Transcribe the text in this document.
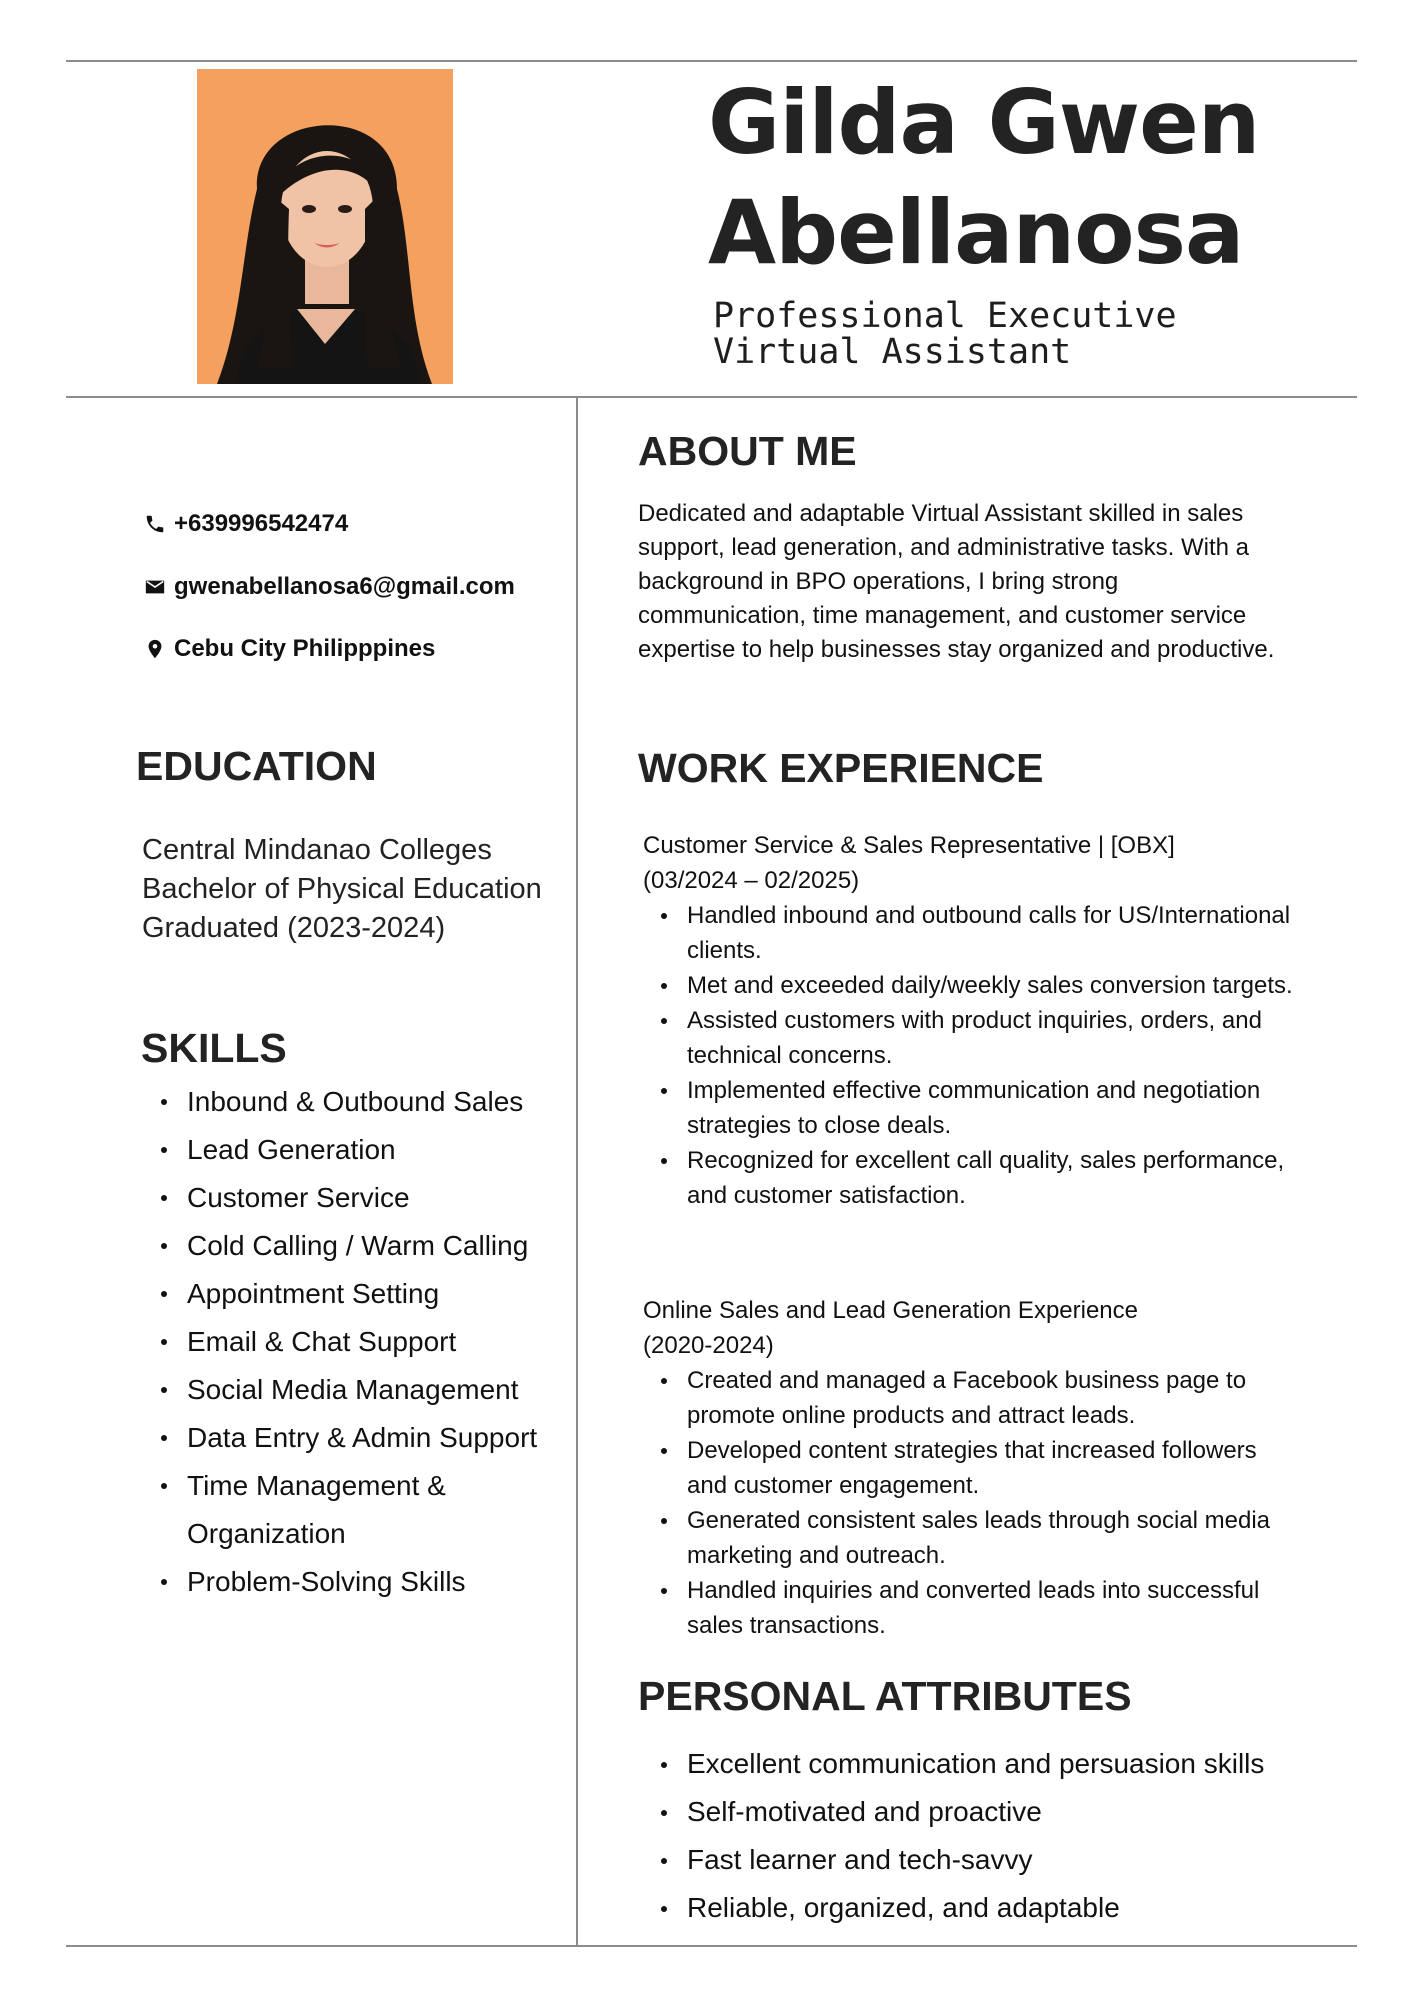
Gilda Gwen Abellanosa
Professional Executive
Virtual Assistant
+639996542474
gwenabellanosa6@gmail.com
Cebu City Philipppines
ABOUT ME
Dedicated and adaptable Virtual Assistant skilled in sales support, lead generation, and administrative tasks. With a background in BPO operations, I bring strong communication, time management, and customer service expertise to help businesses stay organized and productive.
EDUCATION
Central Mindanao Colleges
Bachelor of Physical Education
Graduated (2023-2024)
SKILLS
Inbound & Outbound Sales
Lead Generation
Customer Service
Cold Calling / Warm Calling
Appointment Setting
Email & Chat Support
Social Media Management
Data Entry & Admin Support
Time Management & Organization
Problem-Solving Skills
WORK EXPERIENCE
Customer Service & Sales Representative | [OBX]
(03/2024 – 02/2025)
Handled inbound and outbound calls for US/International clients.
Met and exceeded daily/weekly sales conversion targets.
Assisted customers with product inquiries, orders, and technical concerns.
Implemented effective communication and negotiation strategies to close deals.
Recognized for excellent call quality, sales performance, and customer satisfaction.
Online Sales and Lead Generation Experience
(2020-2024)
Created and managed a Facebook business page to promote online products and attract leads.
Developed content strategies that increased followers and customer engagement.
Generated consistent sales leads through social media marketing and outreach.
Handled inquiries and converted leads into successful sales transactions.
PERSONAL ATTRIBUTES
Excellent communication and persuasion skills
Self-motivated and proactive
Fast learner and tech-savvy
Reliable, organized, and adaptable
